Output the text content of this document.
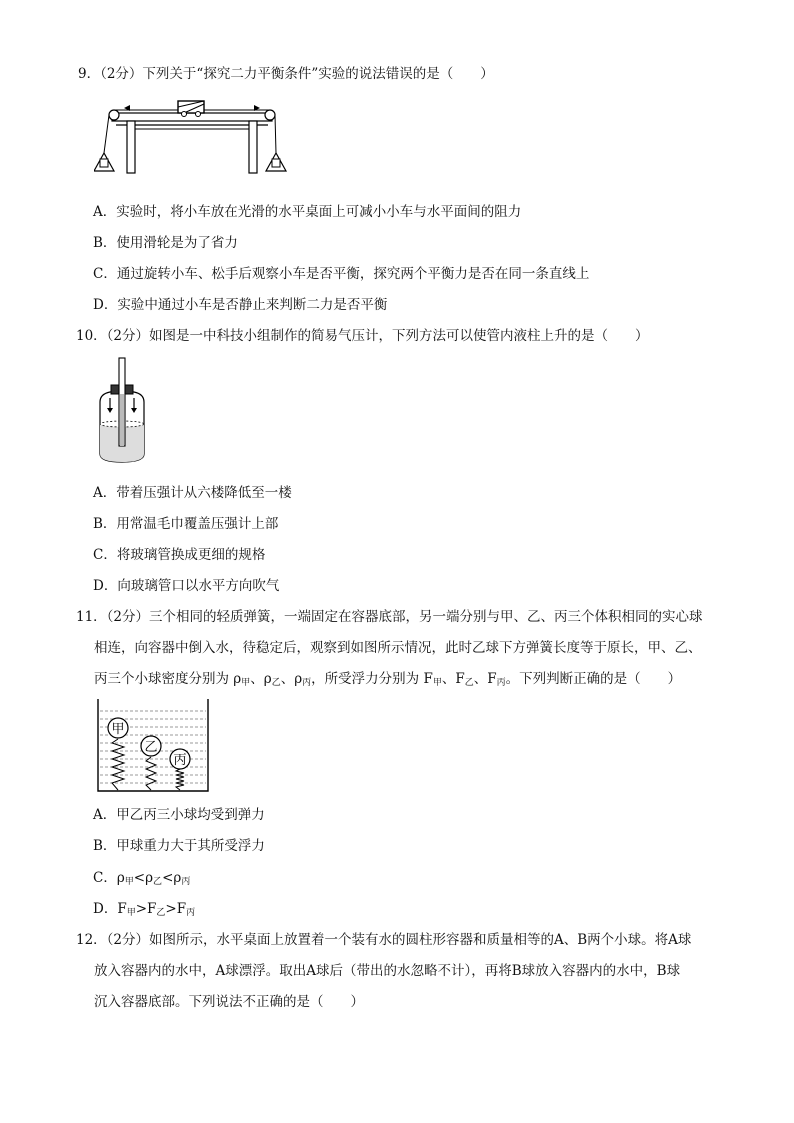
9．（2分）下列关于“探究二力平衡条件”实验的说法错误的是（　　）
A．实验时，将小车放在光滑的水平桌面上可减小小车与水平面间的阻力
B．使用滑轮是为了省力
C．通过旋转小车、松手后观察小车是否平衡，探究两个平衡力是否在同一条直线上
D．实验中通过小车是否静止来判断二力是否平衡
10．（2分）如图是一中科技小组制作的简易气压计，下列方法可以使管内液柱上升的是（　　）
A．带着压强计从六楼降低至一楼
B．用常温毛巾覆盖压强计上部
C．将玻璃管换成更细的规格
D．向玻璃管口以水平方向吹气
11．（2分）三个相同的轻质弹簧，一端固定在容器底部，另一端分别与甲、乙、丙三个体积相同的实心球
相连，向容器中倒入水，待稳定后，观察到如图所示情况，此时乙球下方弹簧长度等于原长，甲、乙、
丙三个小球密度分别为 $\rho_甲$、$\rho_乙$、$\rho_丙$，所受浮力分别为 $F_甲$、$F_乙$、$F_丙$。下列判断正确的是（　　）
甲
乙
丙
A．甲乙丙三小球均受到弹力
B．甲球重力大于其所受浮力
C．$\rho_甲<\rho_乙<\rho_丙$
D．$F_甲>F_乙>F_丙$
12．（2分）如图所示，水平桌面上放置着一个装有水的圆柱形容器和质量相等的A、B两个小球。将A球
放入容器内的水中，A球漂浮。取出A球后（带出的水忽略不计），再将B球放入容器内的水中，B球
沉入容器底部。下列说法不正确的是（　　）
